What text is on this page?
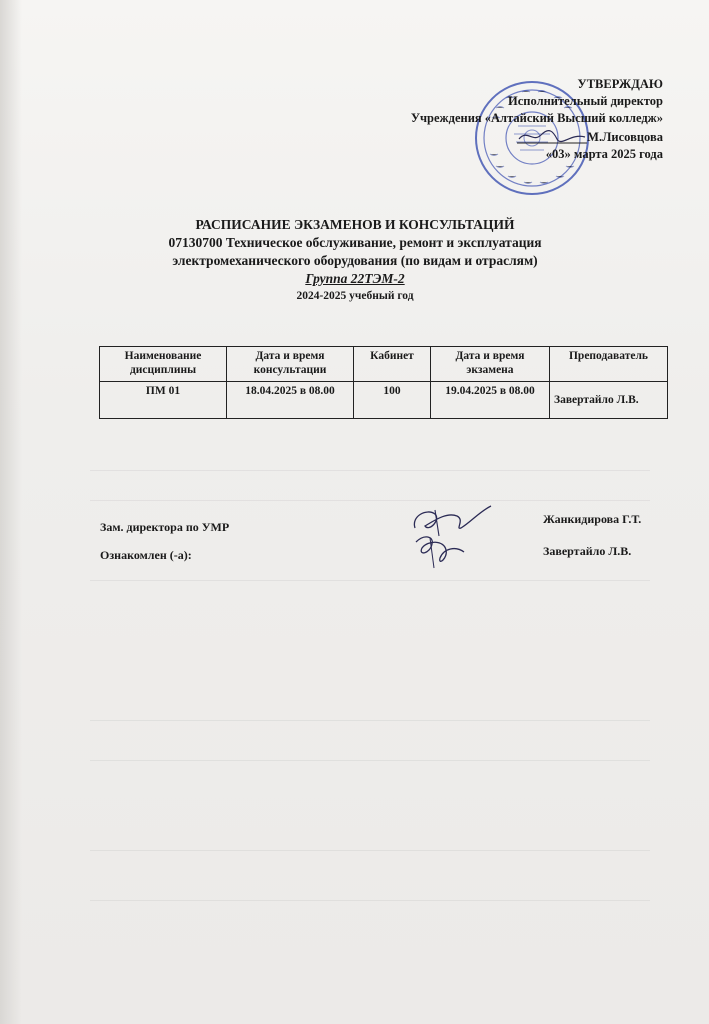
УТВЕРЖДАЮ
Исполнительный директор
Учреждения «Алтайский Высший колледж»
М.Лисовцова
«03» марта 2025 года
РАСПИСАНИЕ ЭКЗАМЕНОВ И КОНСУЛЬТАЦИЙ
07130700 Техническое обслуживание, ремонт и эксплуатация
электромеханического оборудования (по видам и отраслям)
Группа 22ТЭМ-2
2024-2025 учебный год
Наименование дисциплины	Дата и время консультации	Кабинет	Дата и время экзамена	Преподаватель
ПМ 01	18.04.2025 в 08.00	100	19.04.2025 в 08.00	Завертайло Л.В.
Зам. директора по УМР
Жанкидирова Г.Т.
Ознакомлен (-а):	Завертайло Л.В.
